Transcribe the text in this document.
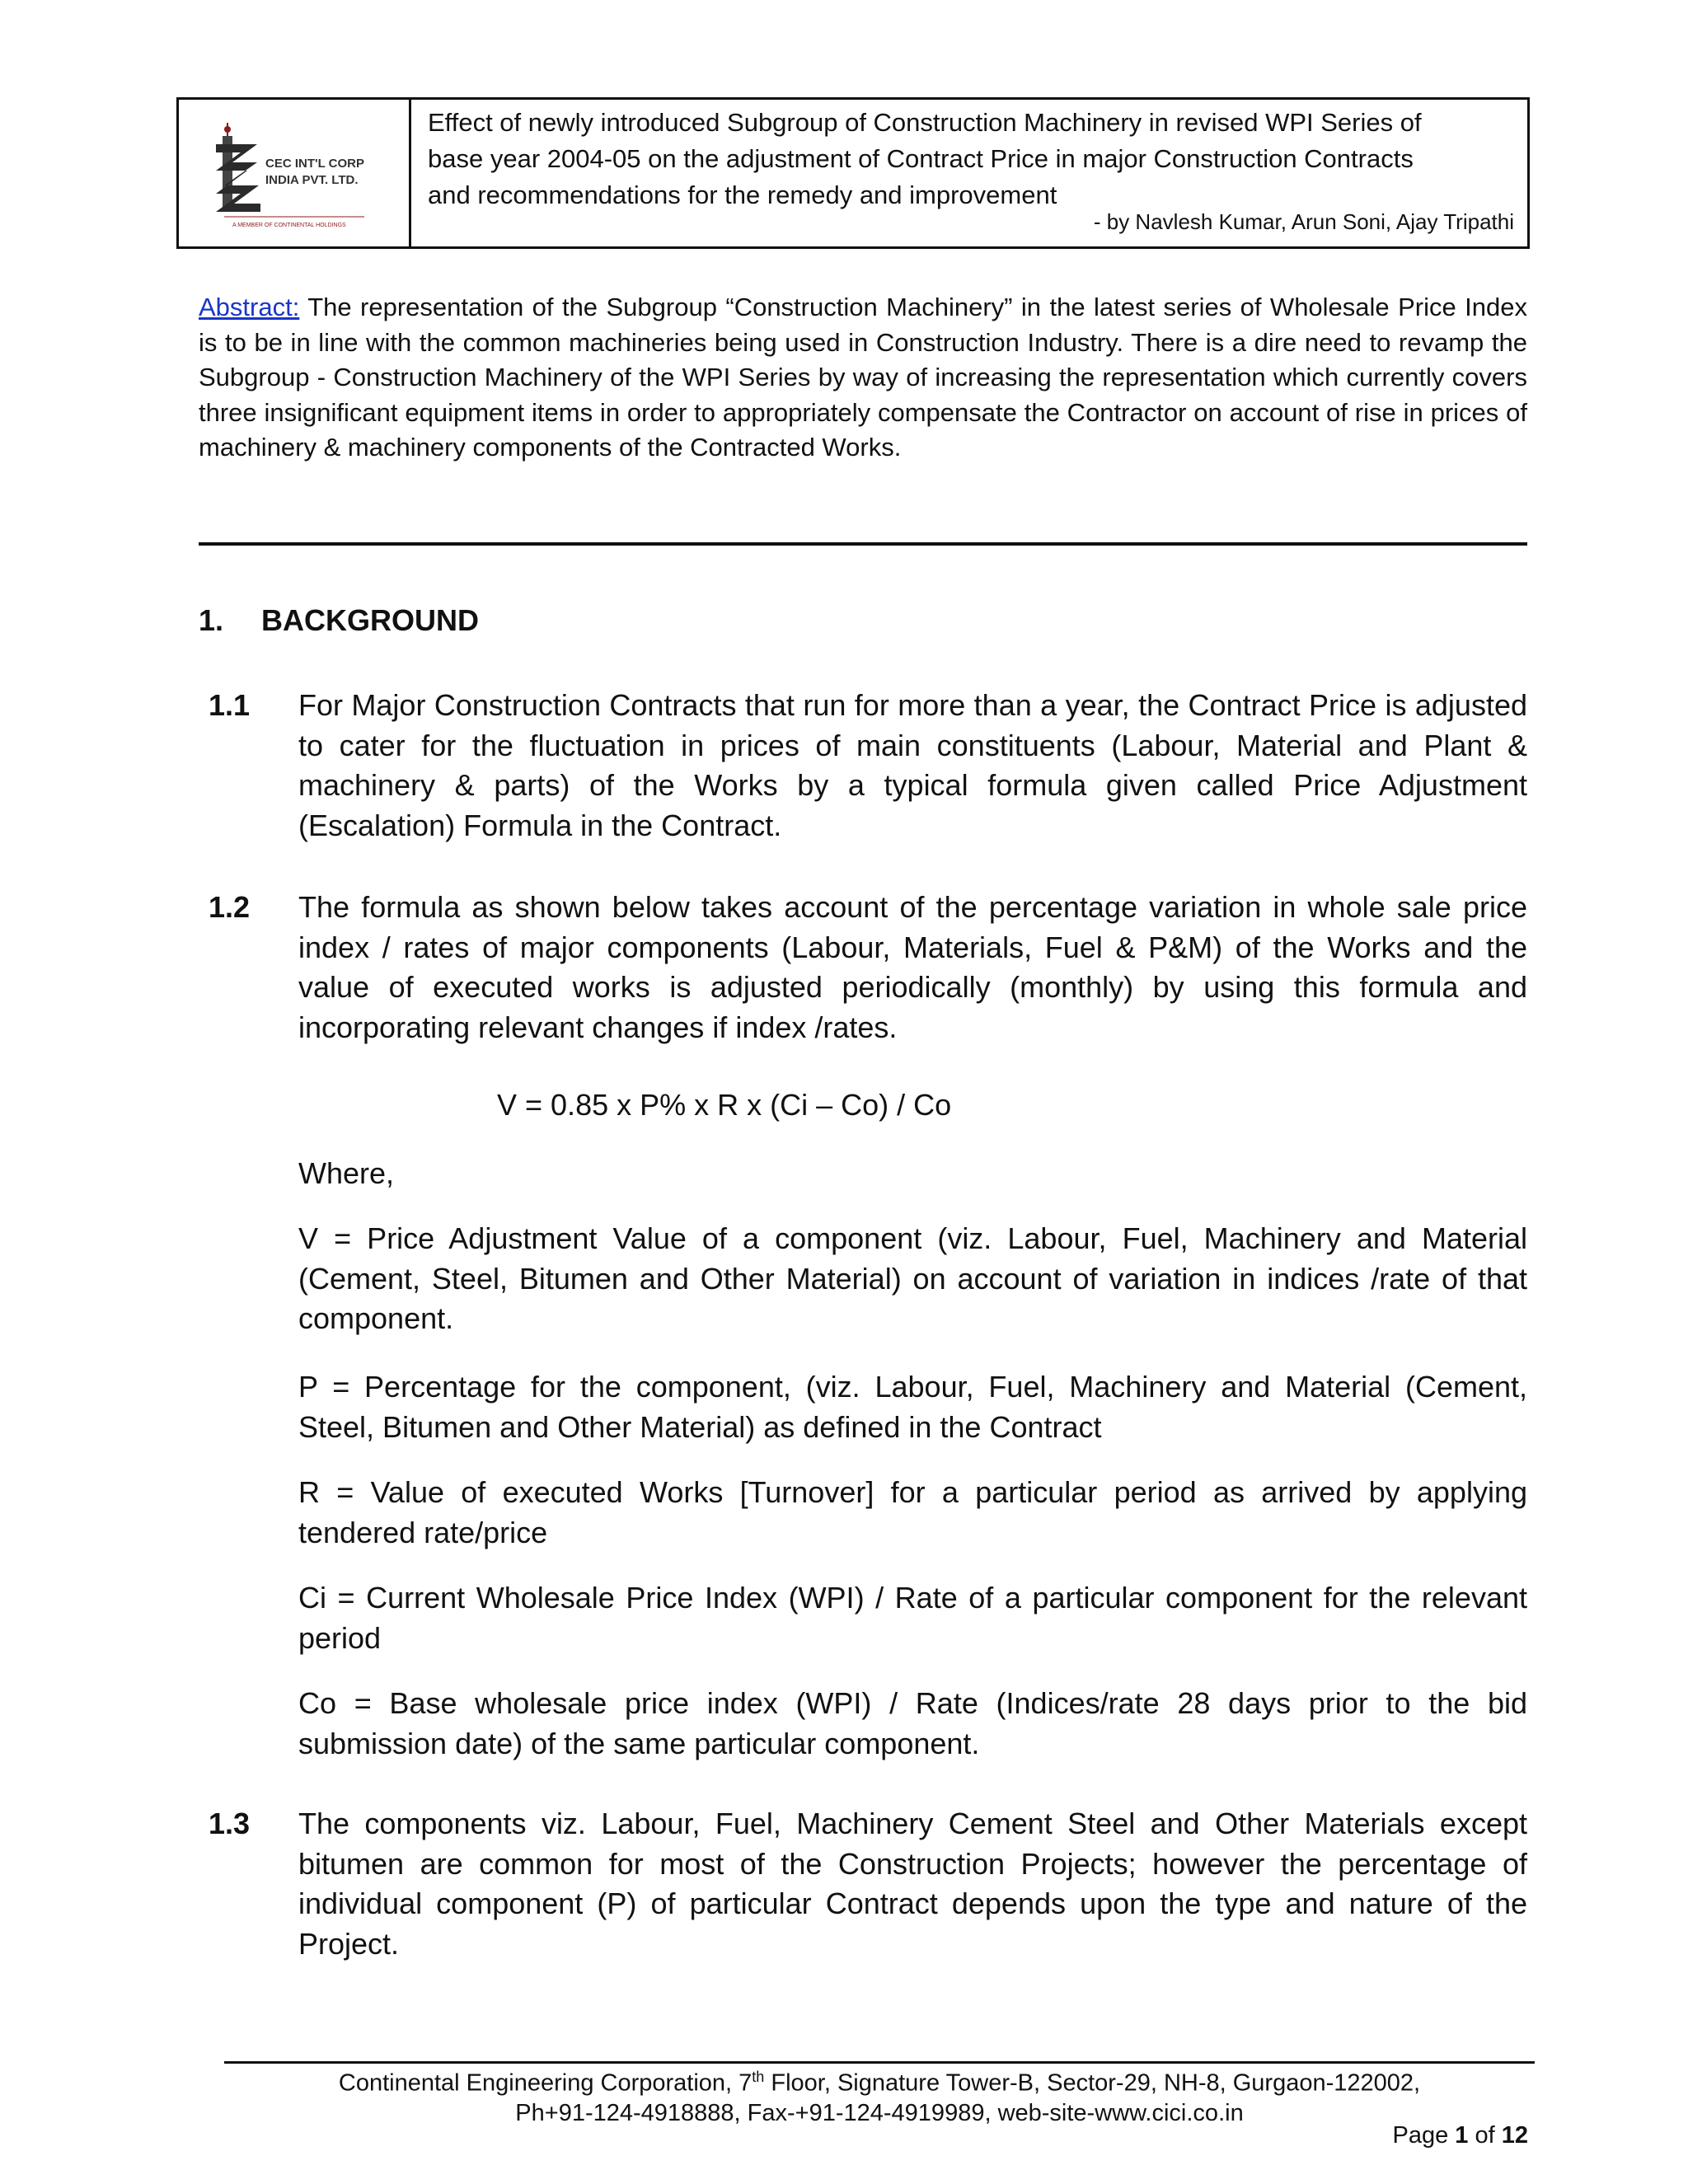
CEC INT'L CORP
INDIA PVT. LTD.
A MEMBER OF CONTINENTAL HOLDINGS
Effect of newly introduced Subgroup of Construction Machinery in revised WPI Series of
base year 2004-05 on the adjustment of Contract Price in major Construction Contracts
and recommendations for the remedy and improvement
- by Navlesh Kumar, Arun Soni, Ajay Tripathi
Abstract: The representation of the Subgroup “Construction Machinery” in the latest series of Wholesale Price Index is to be in line with the common machineries being used in Construction Industry. There is a dire need to revamp the Subgroup - Construction Machinery of the WPI Series by way of increasing the representation which currently covers three insignificant equipment items in order to appropriately compensate the Contractor on account of rise in prices of machinery & machinery components of the Contracted Works.
1. BACKGROUND
1.1 For Major Construction Contracts that run for more than a year, the Contract Price is adjusted to cater for the fluctuation in prices of main constituents (Labour, Material and Plant & machinery & parts) of the Works by a typical formula given called Price Adjustment (Escalation) Formula in the Contract.
1.2 The formula as shown below takes account of the percentage variation in whole sale price index / rates of major components (Labour, Materials, Fuel & P&M) of the Works and the value of executed works is adjusted periodically (monthly) by using this formula and incorporating relevant changes if index /rates.
V = 0.85 x P% x R x (Ci – Co) / Co
Where,
V = Price Adjustment Value of a component (viz. Labour, Fuel, Machinery and Material (Cement, Steel, Bitumen and Other Material) on account of variation in indices /rate of that component.
P = Percentage for the component, (viz. Labour, Fuel, Machinery and Material (Cement, Steel, Bitumen and Other Material) as defined in the Contract
R = Value of executed Works [Turnover] for a particular period as arrived by applying tendered rate/price
Ci = Current Wholesale Price Index (WPI) / Rate of a particular component for the relevant period
Co = Base wholesale price index (WPI) / Rate (Indices/rate 28 days prior to the bid submission date) of the same particular component.
1.3 The components viz. Labour, Fuel, Machinery Cement Steel and Other Materials except bitumen are common for most of the Construction Projects; however the percentage of individual component (P) of particular Contract depends upon the type and nature of the Project.
Continental Engineering Corporation, 7th Floor, Signature Tower-B, Sector-29, NH-8, Gurgaon-122002,
Ph+91-124-4918888, Fax-+91-124-4919989, web-site-www.cici.co.in
Page 1 of 12
